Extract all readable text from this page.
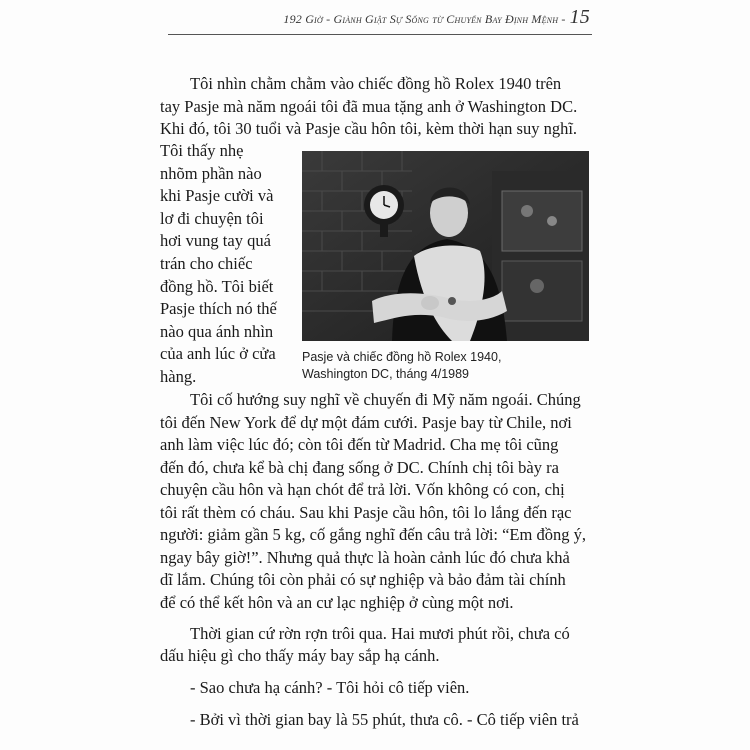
192 Giờ - Giành Giật Sự Sống từ Chuyến Bay Định Mệnh - 15

Tôi nhìn chằm chằm vào chiếc đồng hồ Rolex 1940 trên

tay Pasje mà năm ngoái tôi đã mua tặng anh ở Washington DC.

Khi đó, tôi 30 tuổi và Pasje cầu hôn tôi, kèm thời hạn suy nghĩ.

Tôi thấy nhẹ
nhõm phần nào
khi Pasje cười và
lơ đi chuyện tôi
hơi vung tay quá
trán cho chiếc
đồng hồ. Tôi biết
Pasje thích nó thế
nào qua ánh nhìn
của anh lúc ở cửa
hàng.

Pasje và chiếc đồng hồ Rolex 1940,
Washington DC, tháng 4/1989

Tôi cố hướng suy nghĩ về chuyến đi Mỹ năm ngoái. Chúng

tôi đến New York để dự một đám cưới. Pasje bay từ Chile, nơi

anh làm việc lúc đó; còn tôi đến từ Madrid. Cha mẹ tôi cũng

đến đó, chưa kể bà chị đang sống ở DC. Chính chị tôi bày ra

chuyện cầu hôn và hạn chót để trả lời. Vốn không có con, chị

tôi rất thèm có cháu. Sau khi Pasje cầu hôn, tôi lo lắng đến rạc

người: giảm gần 5 kg, cố gắng nghĩ đến câu trả lời: “Em đồng ý,

ngay bây giờ!”. Nhưng quả thực là hoàn cảnh lúc đó chưa khả

dĩ lắm. Chúng tôi còn phải có sự nghiệp và bảo đảm tài chính

để có thể kết hôn và an cư lạc nghiệp ở cùng một nơi.

Thời gian cứ rờn rợn trôi qua. Hai mươi phút rồi, chưa có

dấu hiệu gì cho thấy máy bay sắp hạ cánh.

- Sao chưa hạ cánh? - Tôi hỏi cô tiếp viên.

- Bởi vì thời gian bay là 55 phút, thưa cô. - Cô tiếp viên trả
